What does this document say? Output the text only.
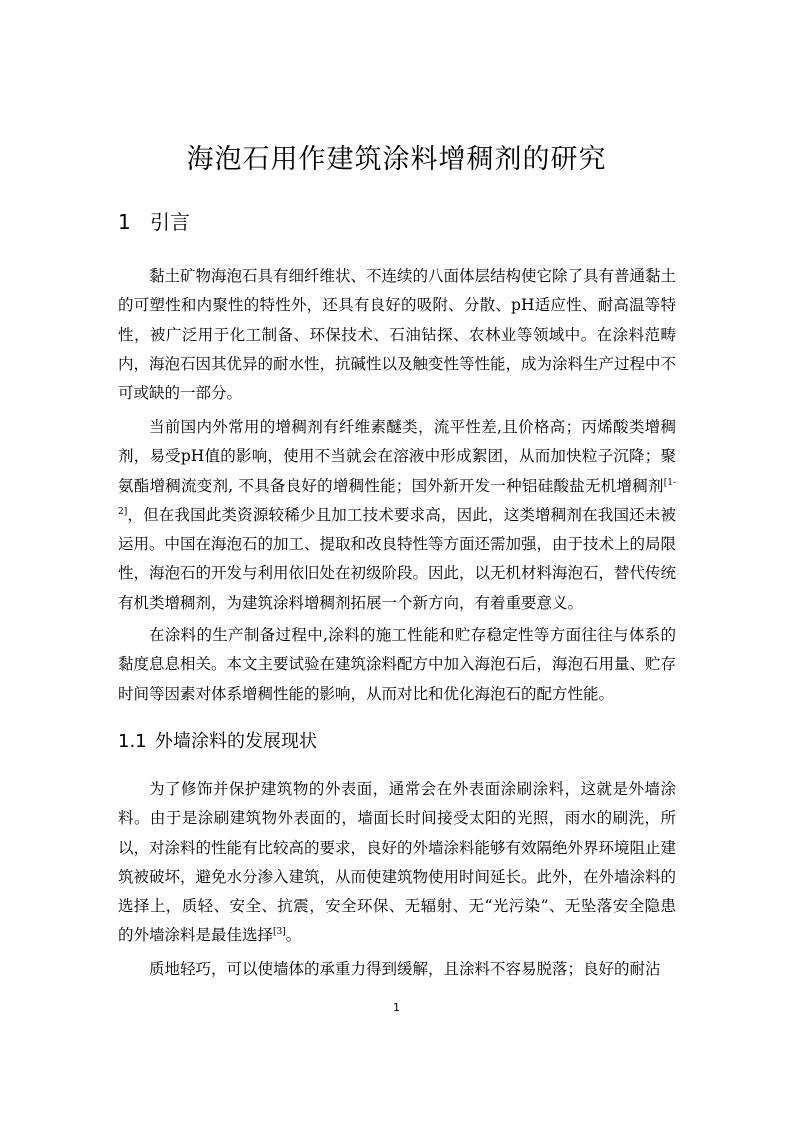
海泡石用作建筑涂料增稠剂的研究
1 引言

黏土矿物海泡石具有细纤维状、不连续的八面体层结构使它除了具有普通黏土的可塑性和内聚性的特性外，还具有良好的吸附、分散、pH适应性、耐高温等特性，被广泛用于化工制备、环保技术、石油钻探、农林业等领域中。在涂料范畴内，海泡石因其优异的耐水性，抗碱性以及触变性等性能，成为涂料生产过程中不可或缺的一部分。

当前国内外常用的增稠剂有纤维素醚类，流平性差,且价格高；丙烯酸类增稠剂，易受pH值的影响，使用不当就会在溶液中形成絮团，从而加快粒子沉降；聚氨酯增稠流变剂, 不具备良好的增稠性能；国外新开发一种铝硅酸盐无机增稠剂[1-2]，但在我国此类资源较稀少且加工技术要求高，因此，这类增稠剂在我国还未被运用。中国在海泡石的加工、提取和改良特性等方面还需加强，由于技术上的局限性，海泡石的开发与利用依旧处在初级阶段。因此，以无机材料海泡石，替代传统有机类增稠剂，为建筑涂料增稠剂拓展一个新方向，有着重要意义。

在涂料的生产制备过程中,涂料的施工性能和贮存稳定性等方面往往与体系的黏度息息相关。本文主要试验在建筑涂料配方中加入海泡石后，海泡石用量、贮存时间等因素对体系增稠性能的影响，从而对比和优化海泡石的配方性能。

1.1 外墙涂料的发展现状

为了修饰并保护建筑物的外表面，通常会在外表面涂刷涂料，这就是外墙涂料。由于是涂刷建筑物外表面的，墙面长时间接受太阳的光照，雨水的刷洗，所以，对涂料的性能有比较高的要求，良好的外墙涂料能够有效隔绝外界环境阻止建筑被破坏，避免水分渗入建筑，从而使建筑物使用时间延长。此外，在外墙涂料的选择上，质轻、安全、抗震，安全环保、无辐射、无“光污染”、无坠落安全隐患的外墙涂料是最佳选择[3]。

质地轻巧，可以使墙体的承重力得到缓解，且涂料不容易脱落；良好的耐沾

1
